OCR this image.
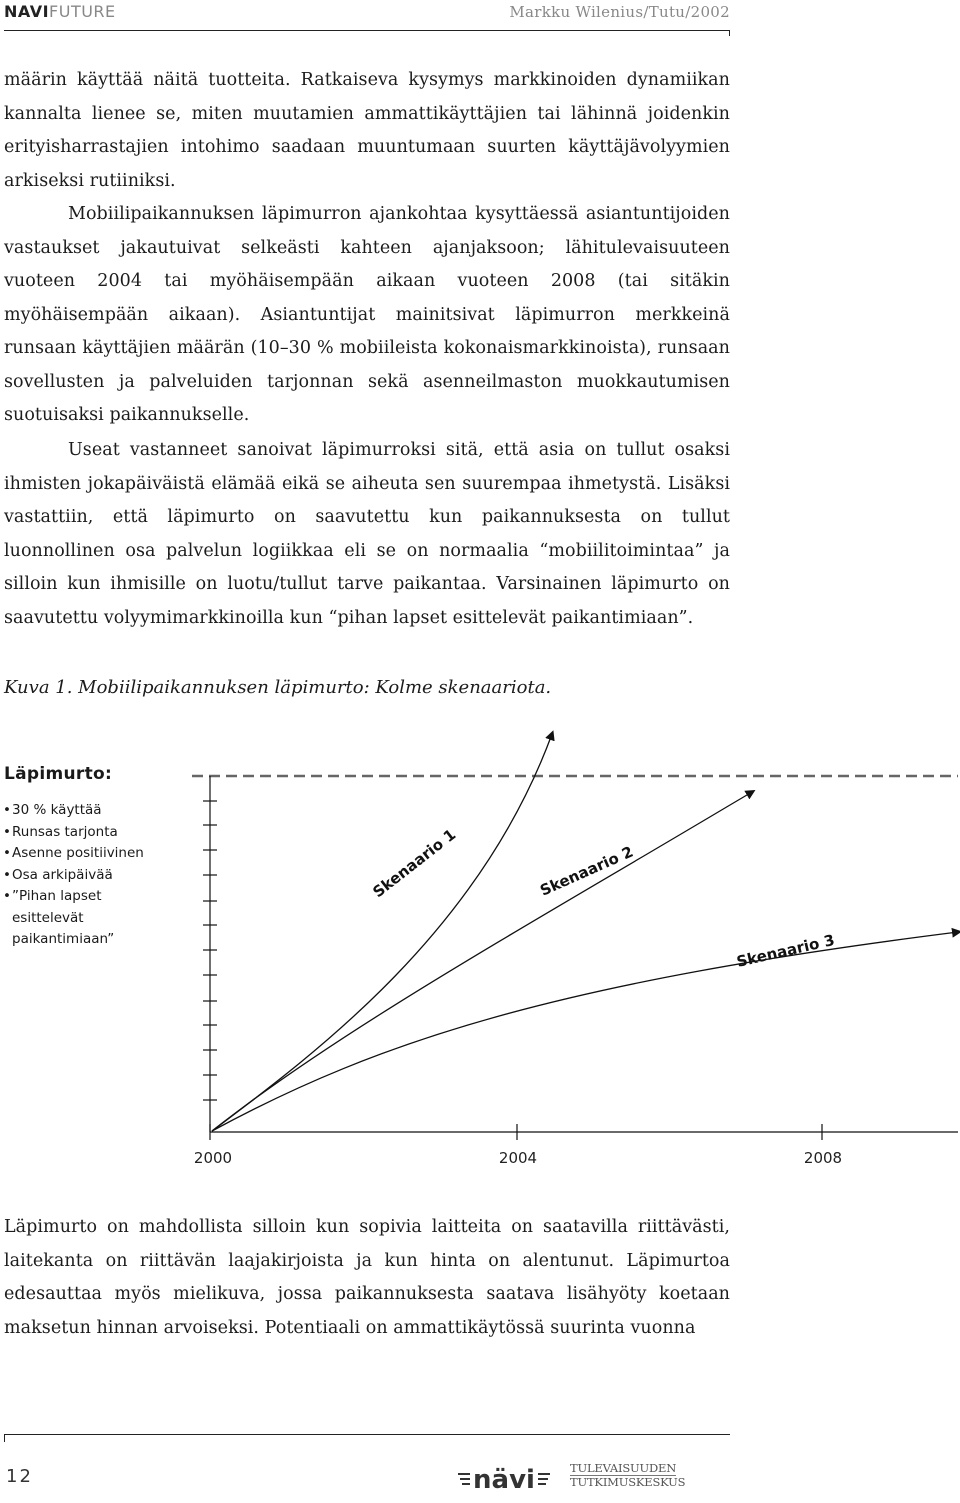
NAVIFUTURE	Markku Wilenius/Tutu/2002

määrin käyttää näitä tuotteita. Ratkaiseva kysymys markkinoiden dynamiikan kannalta lienee se, miten muutamien ammattikäyttäjien tai lähinnä joidenkin erityisharrastajien intohimo saadaan muuntumaan suurten käyttäjävolyymien arkiseksi rutiiniksi.

Mobiilipaikannuksen läpimurron ajankohtaa kysyttäessä asiantuntijoiden vastaukset jakautuivat selkeästi kahteen ajanjaksoon; lähitulevaisuuteen vuoteen 2004 tai myöhäisempään aikaan vuoteen 2008 (tai sitäkin myöhäisempään aikaan). Asiantuntijat mainitsivat läpimurron merkkeinä runsaan käyttäjien määrän (10–30 % mobiileista kokonaismarkkinoista), runsaan sovellusten ja palveluiden tarjonnan sekä asenneilmaston muokkautumisen suotuisaksi paikannukselle.

Useat vastanneet sanoivat läpimurroksi sitä, että asia on tullut osaksi ihmisten jokapäiväistä elämää eikä se aiheuta sen suurempaa ihmetystä. Lisäksi vastattiin, että läpimurto on saavutettu kun paikannuksesta on tullut luonnollinen osa palvelun logiikkaa eli se on normaalia “mobiilitoimintaa” ja silloin kun ihmisille on luotu/tullut tarve paikantaa. Varsinainen läpimurto on saavutettu volyymimarkkinoilla kun “pihan lapset esittelevät paikantimiaan”.

Kuva 1. Mobiilipaikannuksen läpimurto: Kolme skenaariota.
Läpimurto:
• 30 % käyttää
• Runsas tarjonta
• Asenne positiivinen
• Osa arkipäivää
• ”Pihan lapset
esittelevät
paikantimiaan”
2000	2004	2008
Skenaario 1	Skenaario 2
Skenaario 3

Läpimurto on mahdollista silloin kun sopivia laitteita on saatavilla riittävästi, laitekanta on riittävän laajakirjoista ja kun hinta on alentunut. Läpimurtoa edesauttaa myös mielikuva, jossa paikannuksesta saatava lisähyöty koetaan maksetun hinnan arvoiseksi. Potentiaali on ammattikäytössä suurinta vuonna

12	nävi	TULEVAISUUDEN
TUTKIMUSKESKUS
